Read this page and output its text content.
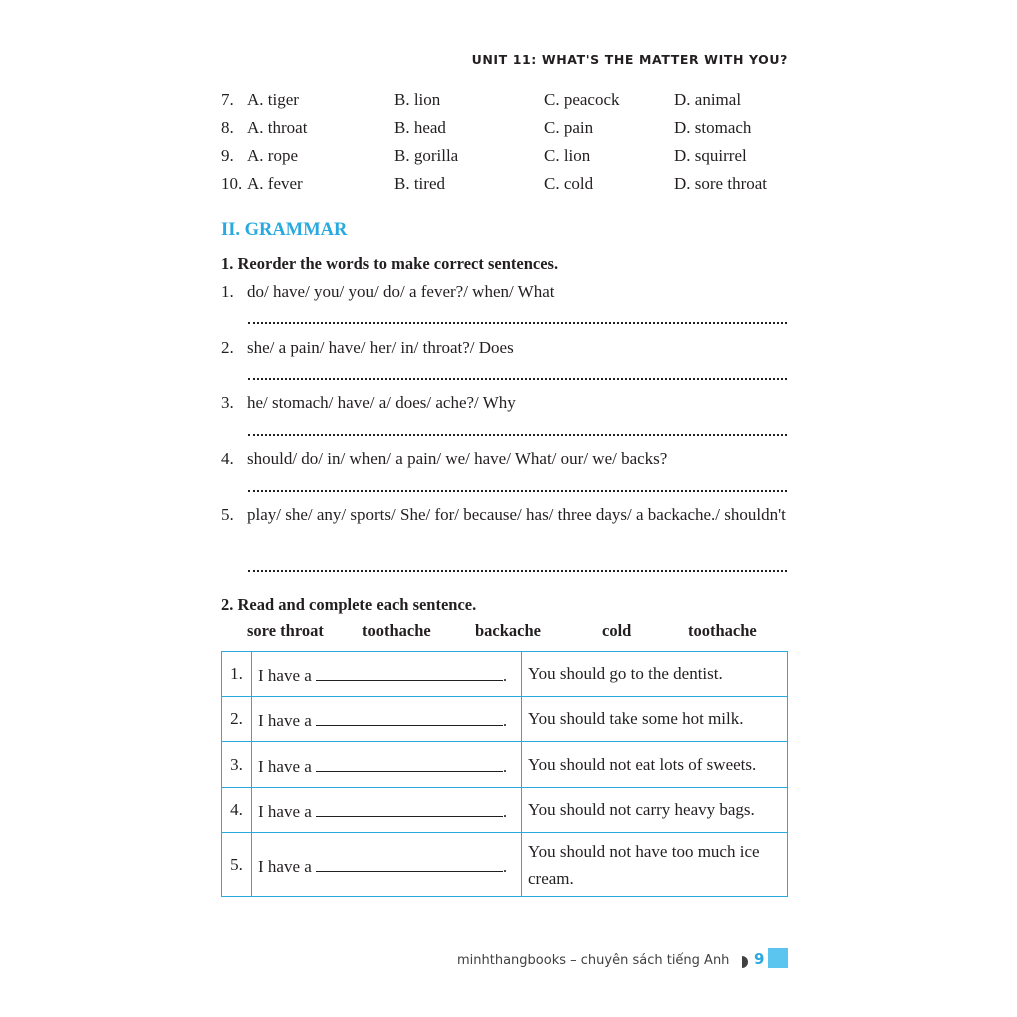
UNIT 11: WHAT'S THE MATTER WITH YOU?
7. A. tiger	B. lion	C. peacock	D. animal
8. A. throat	B. head	C. pain	D. stomach
9. A. rope	B. gorilla	C. lion	D. squirrel
10. A. fever	B. tired	C. cold	D. sore throat
II. GRAMMAR
1. Reorder the words to make correct sentences.
1. do/ have/ you/ you/ do/ a fever?/ when/ What
2. she/ a pain/ have/ her/ in/ throat?/ Does
3. he/ stomach/ have/ a/ does/ ache?/ Why
4. should/ do/ in/ when/ a pain/ we/ have/ What/ our/ we/ backs?
5. play/ she/ any/ sports/ She/ for/ because/ has/ three days/ a backache./ shouldn't
2. Read and complete each sentence.
sore throat toothache	backache	cold	toothache
1.	I have a .	You should go to the dentist.
2.	I have a .	You should take some hot milk.
3.	I have a .	You should not eat lots of sweets.
4.	I have a .	You should not carry heavy bags.
5.	I have a .	You should not have too much ice cream.
minhthangbooks – chuyên sách tiếng Anh 9
